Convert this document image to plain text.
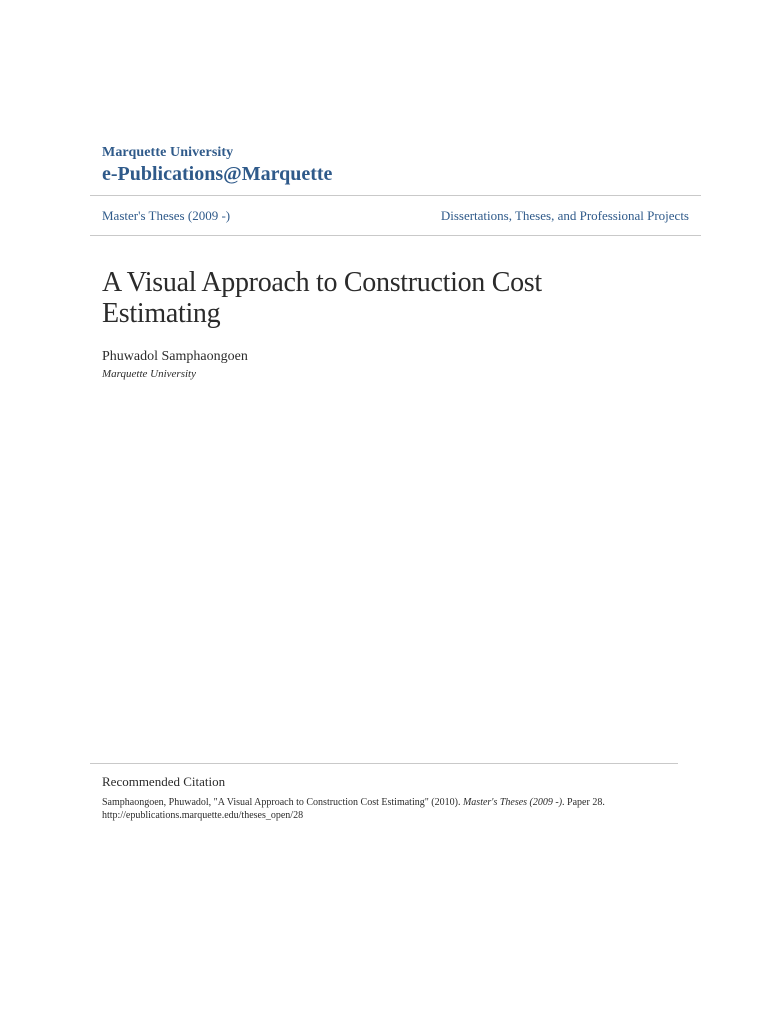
Marquette University
e-Publications@Marquette
Master's Theses (2009 -)	Dissertations, Theses, and Professional Projects
A Visual Approach to Construction Cost Estimating
Phuwadol Samphaongoen
Marquette University
Recommended Citation
Samphaongoen, Phuwadol, "A Visual Approach to Construction Cost Estimating" (2010). Master's Theses (2009 -). Paper 28.
http://epublications.marquette.edu/theses_open/28
